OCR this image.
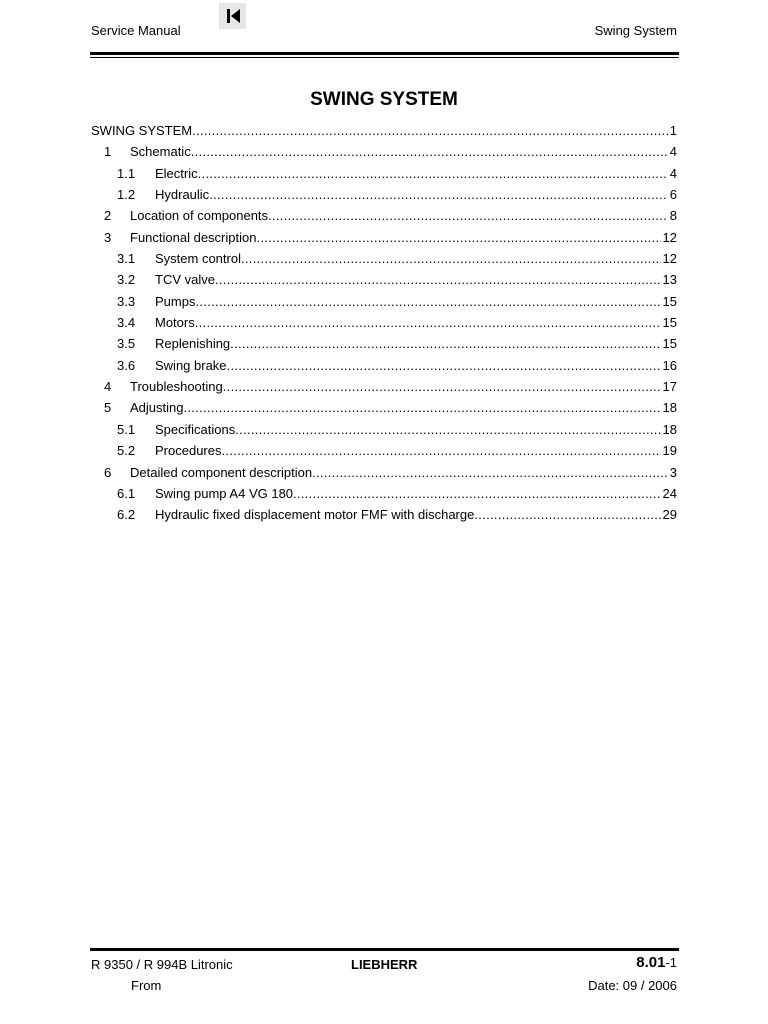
Service Manual	Swing System
SWING SYSTEM
SWING SYSTEM .....	1
1	Schematic .....	4
1.1	Electric .....	4
1.2	Hydraulic .....	6
2	Location of components .....	8
3	Functional description .....	12
3.1	System control .....	12
3.2	TCV valve .....	13
3.3	Pumps .....	15
3.4	Motors .....	15
3.5	Replenishing .....	15
3.6	Swing brake .....	16
4	Troubleshooting .....	17
5	Adjusting .....	18
5.1	Specifications .....	18
5.2	Procedures .....	19
6	Detailed component description .....	3
6.1	Swing pump A4 VG 180 .....	24
6.2	Hydraulic fixed displacement motor FMF with discharge .....	29
R 9350 / R 994B Litronic	LIEBHERR	8.01-1
From	Date: 09 / 2006
